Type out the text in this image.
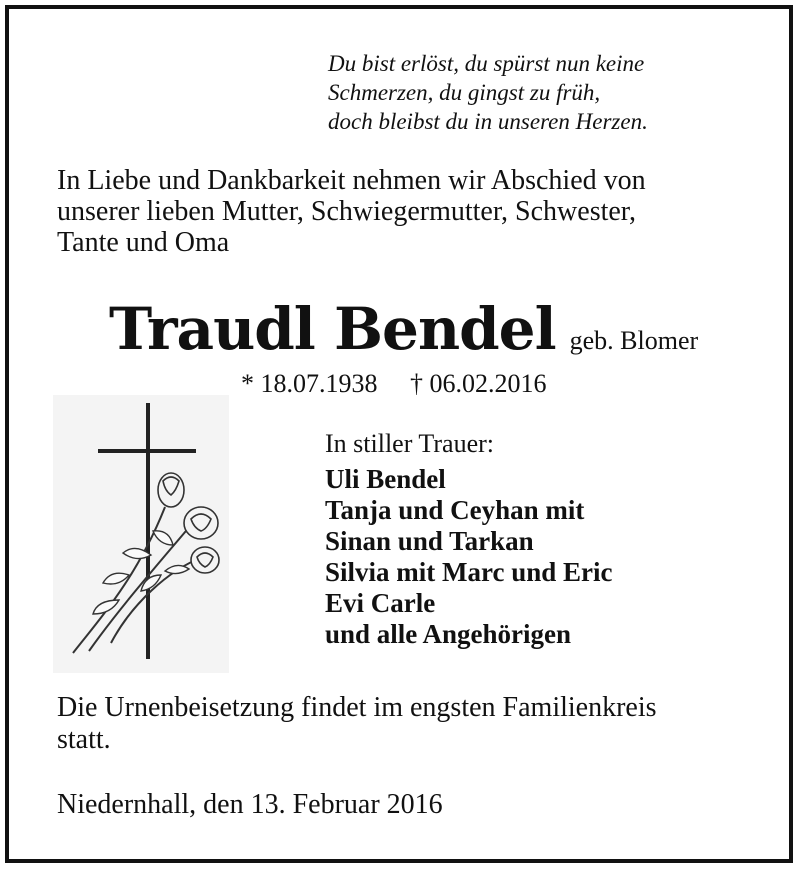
Du bist erlöst, du spürst nun keine
Schmerzen, du gingst zu früh,
doch bleibst du in unseren Herzen.
In Liebe und Dankbarkeit nehmen wir Abschied von
unserer lieben Mutter, Schwiegermutter, Schwester,
Tante und Oma
Traudl Bendel geb. Blomer
* 18.07.1938 † 06.02.2016
In stiller Trauer:
Uli Bendel
Tanja und Ceyhan mit
Sinan und Tarkan
Silvia mit Marc und Eric
Evi Carle
und alle Angehörigen
Die Urnenbeisetzung findet im engsten Familienkreis
statt.
Niedernhall, den 13. Februar 2016
